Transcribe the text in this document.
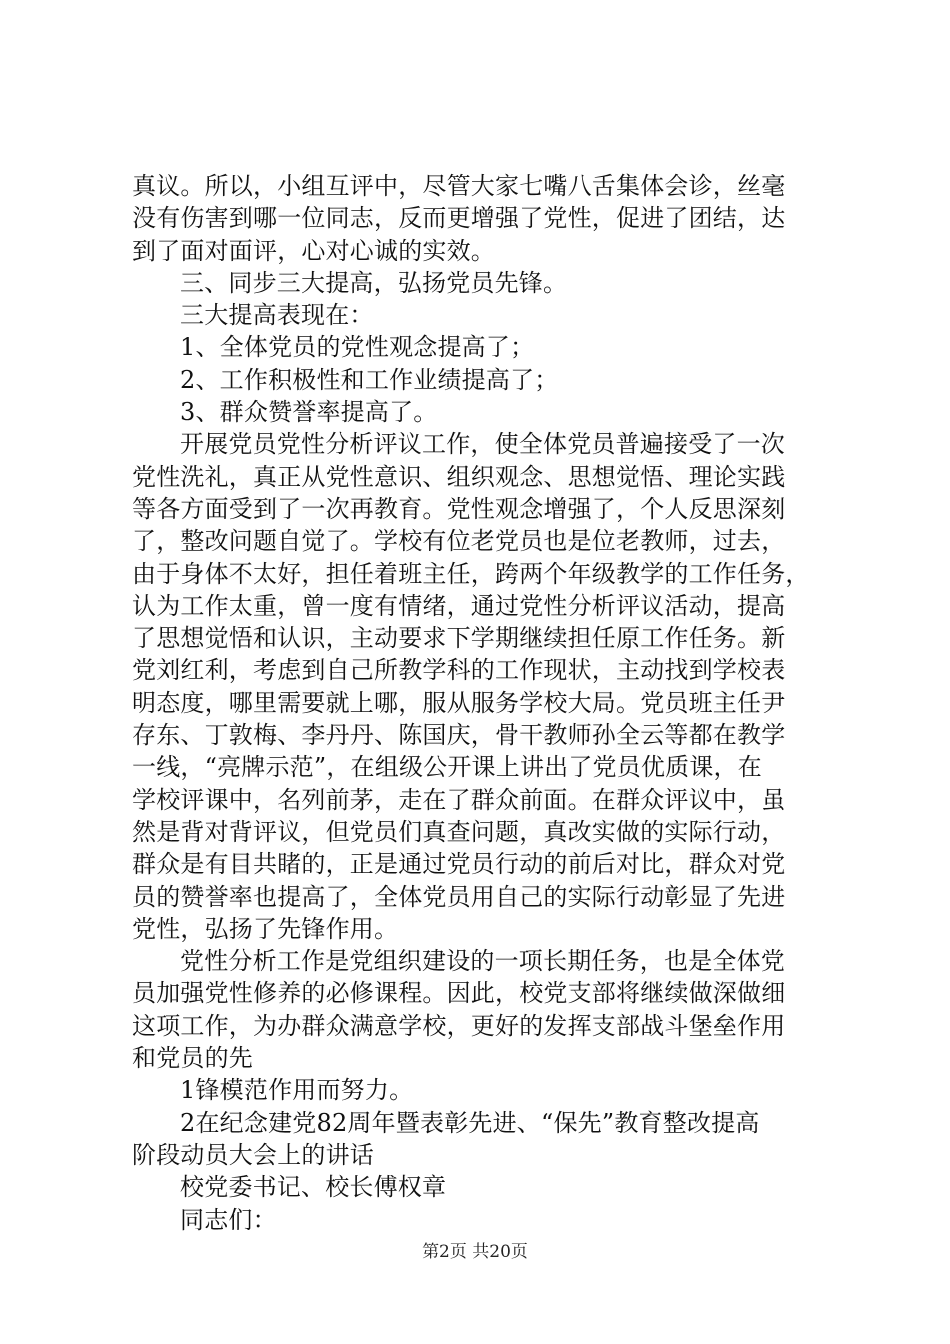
真议。所以，小组互评中，尽管大家七嘴八舌集体会诊，丝毫
没有伤害到哪一位同志，反而更增强了党性，促进了团结，达
到了面对面评，心对心诚的实效。
三、同步三大提高，弘扬党员先锋。
三大提高表现在：
1、全体党员的党性观念提高了；
2、工作积极性和工作业绩提高了；
3、群众赞誉率提高了。
开展党员党性分析评议工作，使全体党员普遍接受了一次
党性洗礼，真正从党性意识、组织观念、思想觉悟、理论实践
等各方面受到了一次再教育。党性观念增强了，个人反思深刻
了，整改问题自觉了。学校有位老党员也是位老教师，过去，
由于身体不太好，担任着班主任，跨两个年级教学的工作任务，
认为工作太重，曾一度有情绪，通过党性分析评议活动，提高
了思想觉悟和认识，主动要求下学期继续担任原工作任务。新
党刘红利，考虑到自己所教学科的工作现状，主动找到学校表
明态度，哪里需要就上哪，服从服务学校大局。党员班主任尹
存东、丁敦梅、李丹丹、陈国庆，骨干教师孙全云等都在教学
一线，“亮牌示范”，在组级公开课上讲出了党员优质课，在
学校评课中，名列前茅，走在了群众前面。在群众评议中，虽
然是背对背评议，但党员们真查问题，真改实做的实际行动，
群众是有目共睹的，正是通过党员行动的前后对比，群众对党
员的赞誉率也提高了，全体党员用自己的实际行动彰显了先进
党性，弘扬了先锋作用。
党性分析工作是党组织建设的一项长期任务，也是全体党
员加强党性修养的必修课程。因此，校党支部将继续做深做细
这项工作，为办群众满意学校，更好的发挥支部战斗堡垒作用
和党员的先
1锋模范作用而努力。
2在纪念建党82周年暨表彰先进、“保先”教育整改提高
阶段动员大会上的讲话
校党委书记、校长傅权章
同志们：
第2页 共20页
